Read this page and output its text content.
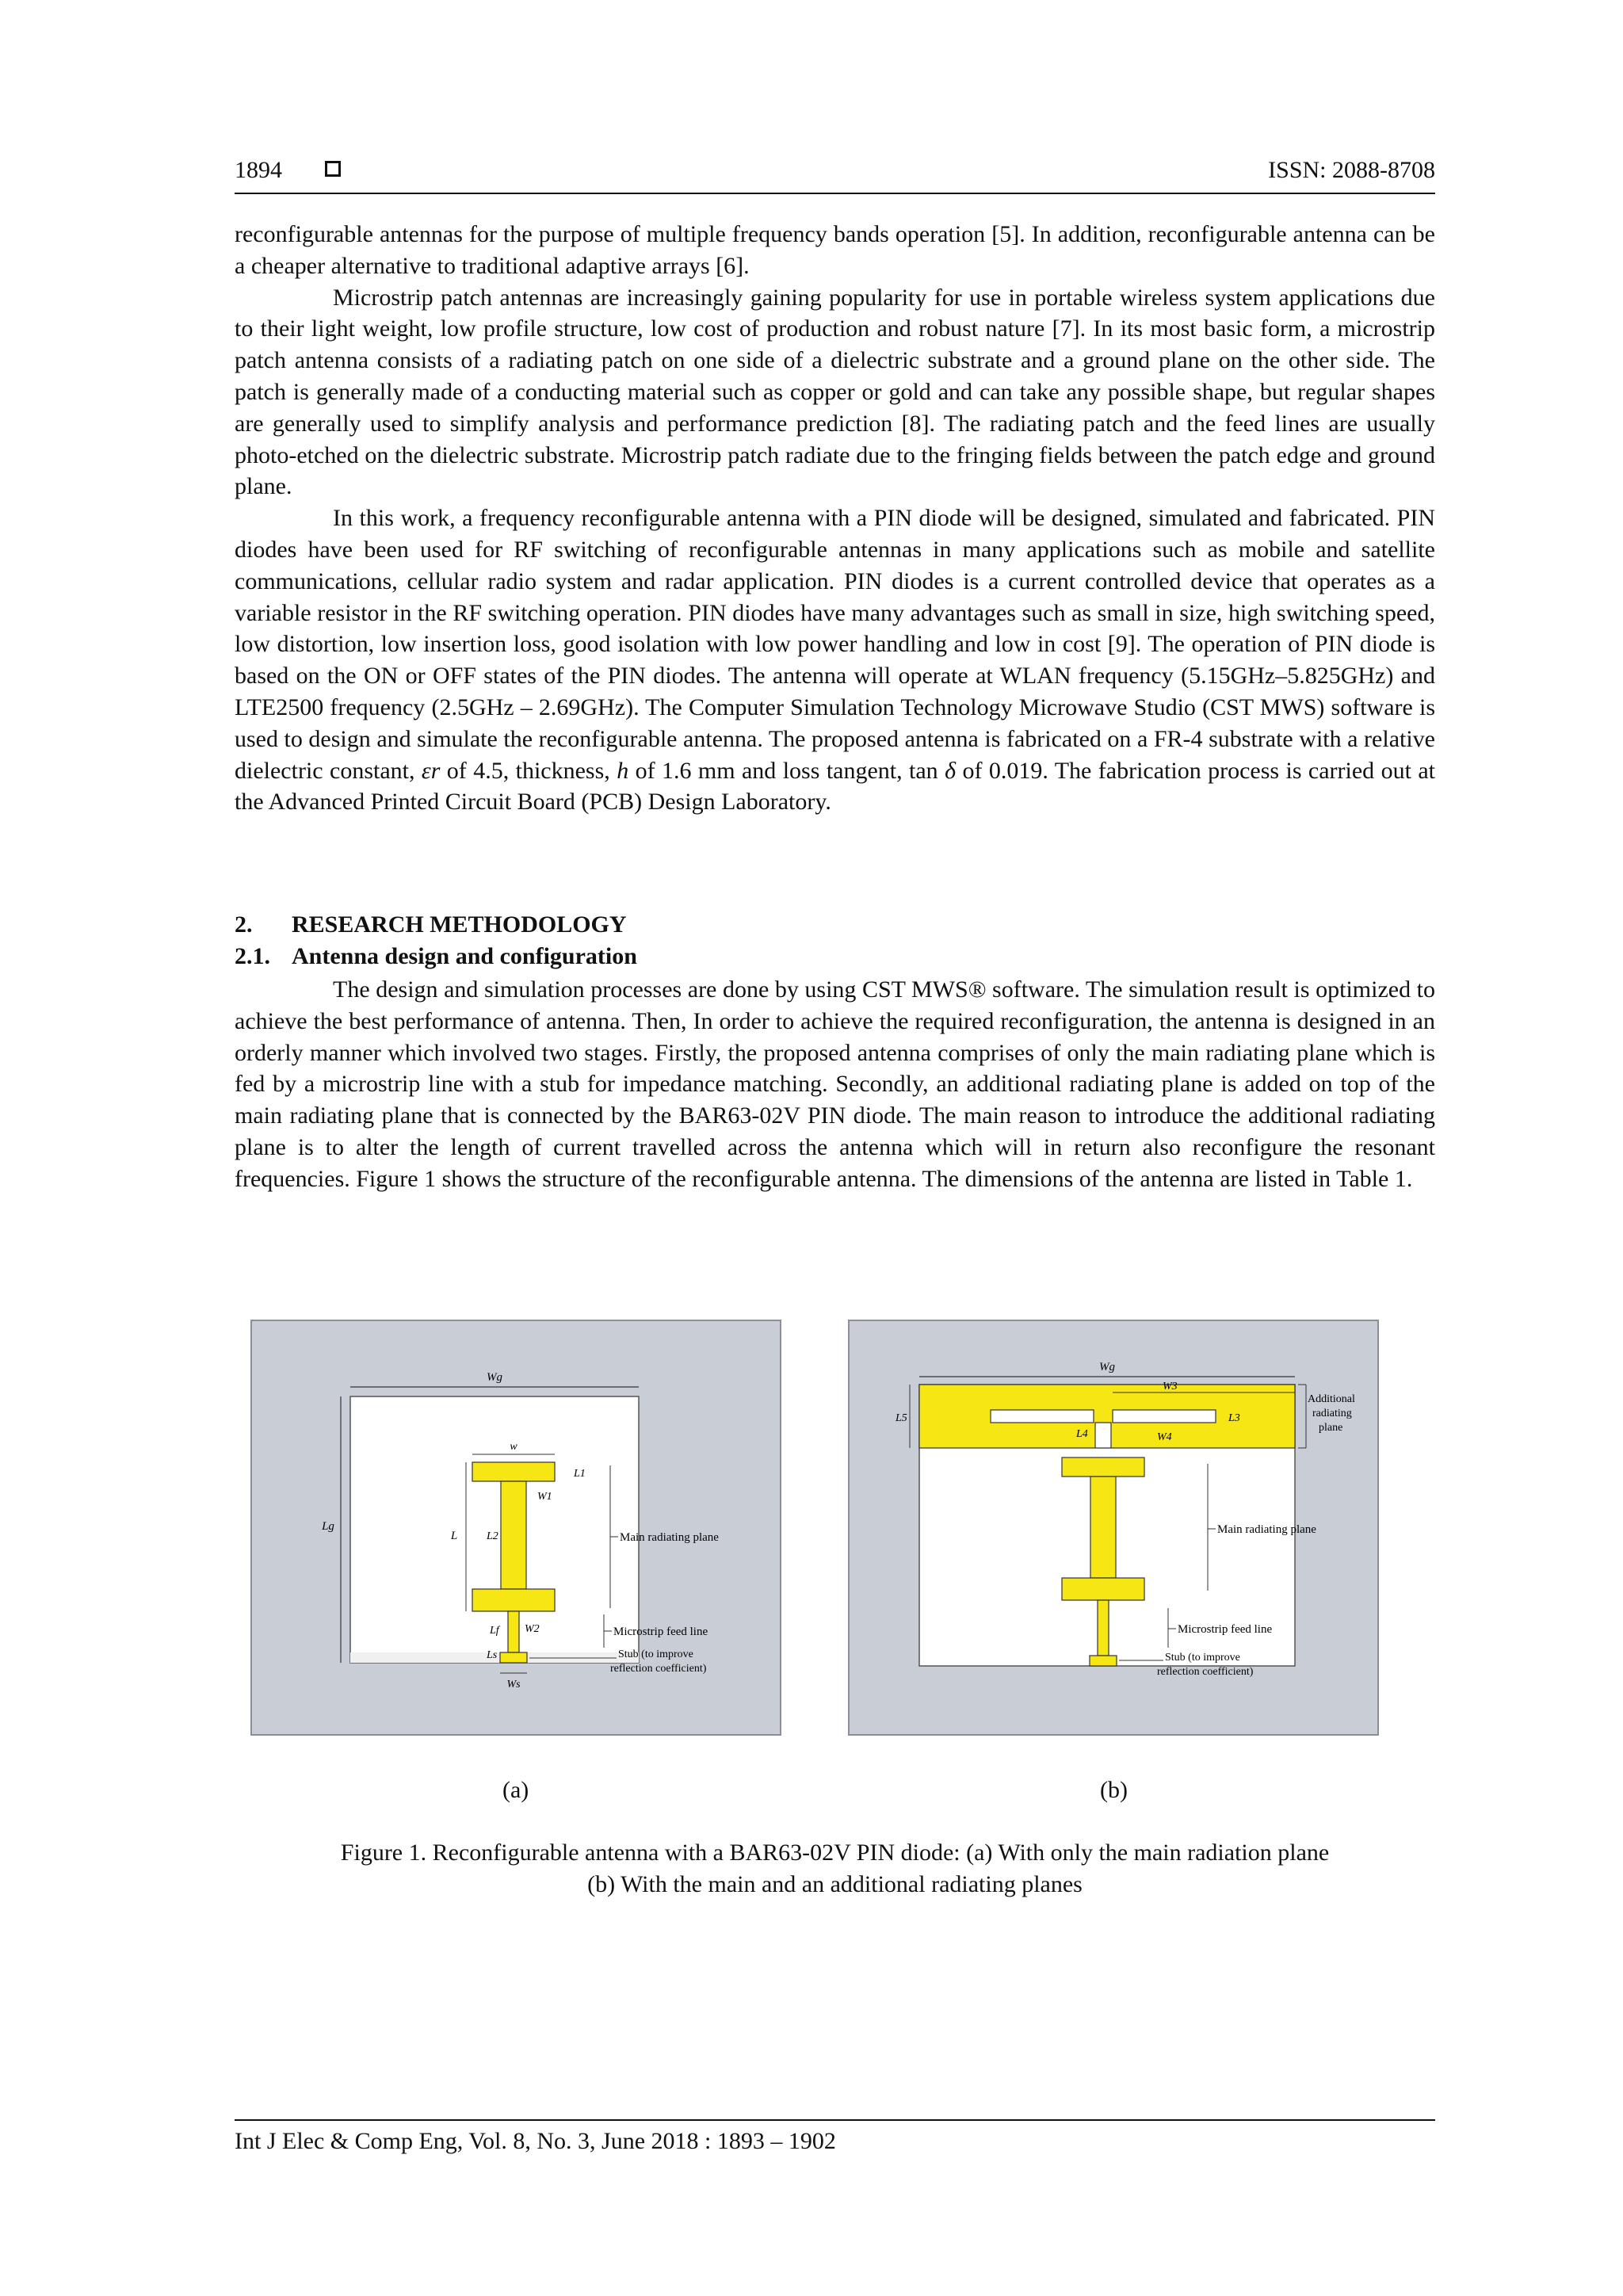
1894	ISSN: 2088-8708

reconfigurable antennas for the purpose of multiple frequency bands operation [5]. In addition, reconfigurable antenna can be a cheaper alternative to traditional adaptive arrays [6].

Microstrip patch antennas are increasingly gaining popularity for use in portable wireless system applications due to their light weight, low profile structure, low cost of production and robust nature [7]. In its most basic form, a microstrip patch antenna consists of a radiating patch on one side of a dielectric substrate and a ground plane on the other side. The patch is generally made of a conducting material such as copper or gold and can take any possible shape, but regular shapes are generally used to simplify analysis and performance prediction [8]. The radiating patch and the feed lines are usually photo-etched on the dielectric substrate. Microstrip patch radiate due to the fringing fields between the patch edge and ground plane.

In this work, a frequency reconfigurable antenna with a PIN diode will be designed, simulated and fabricated. PIN diodes have been used for RF switching of reconfigurable antennas in many applications such as mobile and satellite communications, cellular radio system and radar application. PIN diodes is a current controlled device that operates as a variable resistor in the RF switching operation. PIN diodes have many advantages such as small in size, high switching speed, low distortion, low insertion loss, good isolation with low power handling and low in cost [9]. The operation of PIN diode is based on the ON or OFF states of the PIN diodes. The antenna will operate at WLAN frequency (5.15GHz–5.825GHz) and LTE2500 frequency (2.5GHz – 2.69GHz). The Computer Simulation Technology Microwave Studio (CST MWS) software is used to design and simulate the reconfigurable antenna. The proposed antenna is fabricated on a FR-4 substrate with a relative dielectric constant, εr of 4.5, thickness, h of 1.6 mm and loss tangent, tan δ of 0.019. The fabrication process is carried out at the Advanced Printed Circuit Board (PCB) Design Laboratory.

2. RESEARCH METHODOLOGY
2.1. Antenna design and configuration

The design and simulation processes are done by using CST MWS® software. The simulation result is optimized to achieve the best performance of antenna. Then, In order to achieve the required reconfiguration, the antenna is designed in an orderly manner which involved two stages. Firstly, the proposed antenna comprises of only the main radiating plane which is fed by a microstrip line with a stub for impedance matching. Secondly, an additional radiating plane is added on top of the main radiating plane that is connected by the BAR63-02V PIN diode. The main reason to introduce the additional radiating plane is to alter the length of current travelled across the antenna which will in return also reconfigure the resonant frequencies. Figure 1 shows the structure of the reconfigurable antenna. The dimensions of the antenna are listed in Table 1.

Wg
Lg
w
L1
W1
L	L2
W2
Lf
Ls
Ws
Main radiating plane
Microstrip feed line
Stub (to improve
reflection coefficient)
Wg
W3
W4
L3
L4
L5
Additional
radiating
plane
Main radiating plane
Microstrip feed line
Stub (to improve
reflection coefficient)
(a)	(b)
Figure 1. Reconfigurable antenna with a BAR63-02V PIN diode: (a) With only the main radiation plane
(b) With the main and an additional radiating planes
Int J Elec & Comp Eng, Vol. 8, No. 3, June 2018 : 1893 – 1902
